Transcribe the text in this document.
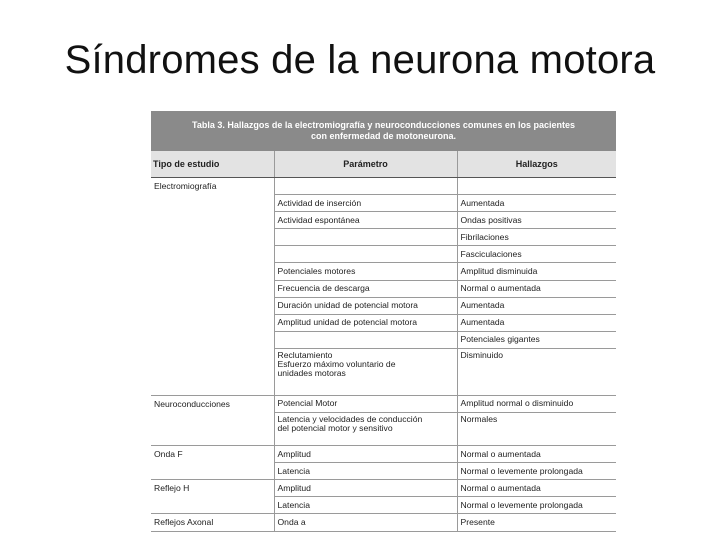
Síndromes de la neurona motora
Tabla 3. Hallazgos de la electromiografía y neuroconducciones comunes en los pacientes
con enfermedad de motoneurona.
Tipo de estudio	Parámetro	Hallazgos
Electromiografía		
	Actividad de inserción	Aumentada
	Actividad espontánea	Ondas positivas
		Fibrilaciones
		Fasciculaciones
	Potenciales motores	Amplitud disminuida
	Frecuencia de descarga	Normal o aumentada
	Duración unidad de potencial motora	Aumentada
	Amplitud unidad de potencial motora	Aumentada
		Potenciales gigantes
	Reclutamiento
Esfuerzo máximo voluntario de
unidades motoras	Disminuido
Neuroconducciones	Potencial Motor	Amplitud normal o disminuido
	Latencia y velocidades de conducción
del potencial motor y sensitivo	Normales
Onda F	Amplitud	Normal o aumentada
	Latencia	Normal o levemente prolongada
Reflejo H	Amplitud	Normal o aumentada
	Latencia	Normal o levemente prolongada
Reflejos Axonal	Onda a	Presente
